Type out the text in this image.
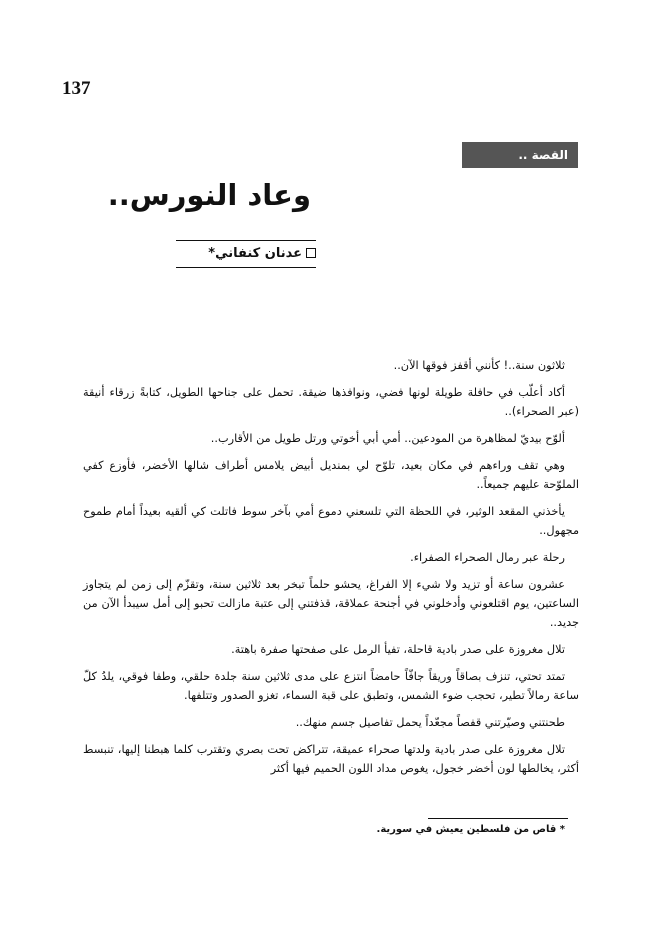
137
القصة ..
وعاد النورس..
عدنان كنفاني*

ثلاثون سنة..! كأنني أقفز فوقها الآن..

أكاد أعلّب في حافلة طويلة لونها فضي، ونوافذها ضيقة. تحمل على جناحها الطويل، كتابةً زرقاء أنيقة (عبر الصحراء)..

ألوّح بيديّ لمظاهرة من المودعين.. أمي أبي أخوتي ورتل طويل من الأقارب..

وهي تقف وراءهم في مكان بعيد، تلوّح لي بمنديل أبيض يلامس أطراف شالها الأخضر، فأوزع كفي الملوّحة عليهم جميعاً..

يأخذني المقعد الوثير، في اللحظة التي تلسعني دموع أمي بآخر سوط فاتلت كي ألقيه بعيداً أمام طموح مجهول..

رحلة عبر رمال الصحراء الصفراء.

عشرون ساعة أو تزيد ولا شيء إلا الفراغ، يحشو حلماً تبخر بعد ثلاثين سنة، وتقزّم إلى زمن لم يتجاوز الساعتين، يوم اقتلعوني وأدخلوني في أجنحة عملاقة، قذفتني إلى عتبة مازالت تحبو إلى أمل سيبدأ الآن من جديد..

تلال مغروزة على صدر بادية قاحلة، تفيأ الرمل على صفحتها صفرة باهتة.

تمتد تحتي، تنزف بصاقاً وريقاً جافّاً حامضاً انتزع على مدى ثلاثين سنة جلدة حلقي، وطفا فوقي، يلدُ كلّ ساعة رمالاً تطير، تحجب ضوء الشمس، وتطبق على قبة السماء، تغزو الصدور وتتلفها.

طحنتني وصيّرتني قفصاً مجعّداً يحمل تفاصيل جسم منهك..

تلال مغروزة على صدر بادية ولدتها صحراء عميقة، تتراكض تحت بصري وتقترب كلما هبطنا إليها، تنبسط أكثر، يخالطها لون أخضر خجول، يغوص مداد اللون الحميم فيها أكثر

* قاص من فلسطين يعيش في سورية.
